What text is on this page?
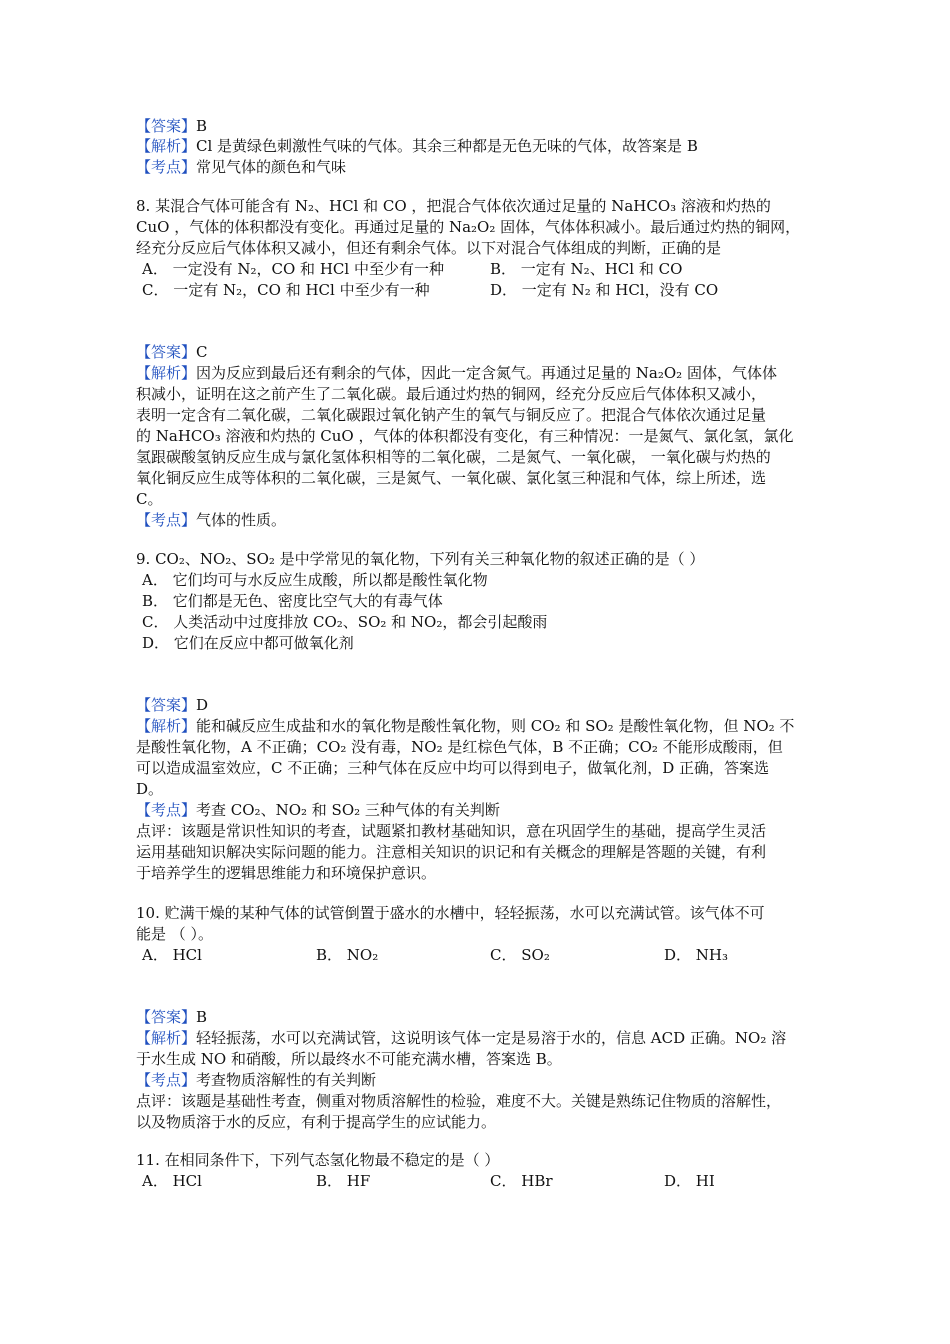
【答案】B
【解析】Cl 是黄绿色刺激性气味的气体。其余三种都是无色无味的气体，故答案是 B
【考点】常见气体的颜色和气味
8. 某混合气体可能含有 N₂、HCl 和 CO ，把混合气体依次通过足量的 NaHCO₃ 溶液和灼热的
CuO ，气体的体积都没有变化。再通过足量的 Na₂O₂ 固体，气体体积减小。最后通过灼热的铜网，
经充分反应后气体体积又减小，但还有剩余气体。以下对混合气体组成的判断，正确的是
A． 一定没有 N₂，CO 和 HCl 中至少有一种	B． 一定有 N₂、HCl 和 CO
C． 一定有 N₂，CO 和 HCl 中至少有一种	D． 一定有 N₂ 和 HCl，没有 CO
【答案】C
【解析】因为反应到最后还有剩余的气体，因此一定含氮气。再通过足量的 Na₂O₂ 固体，气体体
积减小，证明在这之前产生了二氧化碳。最后通过灼热的铜网，经充分反应后气体体积又减小，
表明一定含有二氧化碳，二氧化碳跟过氧化钠产生的氧气与铜反应了。把混合气体依次通过足量
的 NaHCO₃ 溶液和灼热的 CuO ，气体的体积都没有变化，有三种情况：一是氮气、氯化氢，氯化
氢跟碳酸氢钠反应生成与氯化氢体积相等的二氧化碳，二是氮气、一氧化碳， 一氧化碳与灼热的
氧化铜反应生成等体积的二氧化碳，三是氮气、一氧化碳、氯化氢三种混和气体，综上所述，选
C。
【考点】气体的性质。
9. CO₂、NO₂、SO₂ 是中学常见的氧化物，下列有关三种氧化物的叙述正确的是（ ）
A． 它们均可与水反应生成酸，所以都是酸性氧化物
B． 它们都是无色、密度比空气大的有毒气体
C． 人类活动中过度排放 CO₂、SO₂ 和 NO₂，都会引起酸雨
D． 它们在反应中都可做氧化剂
【答案】D
【解析】能和碱反应生成盐和水的氧化物是酸性氧化物，则 CO₂ 和 SO₂ 是酸性氧化物，但 NO₂ 不
是酸性氧化物，A 不正确；CO₂ 没有毒，NO₂ 是红棕色气体，B 不正确；CO₂ 不能形成酸雨，但
可以造成温室效应，C 不正确；三种气体在反应中均可以得到电子，做氧化剂，D 正确，答案选
D。
【考点】考查 CO₂、NO₂ 和 SO₂ 三种气体的有关判断
点评：该题是常识性知识的考查，试题紧扣教材基础知识，意在巩固学生的基础，提高学生灵活
运用基础知识解决实际问题的能力。注意相关知识的识记和有关概念的理解是答题的关键，有利
于培养学生的逻辑思维能力和环境保护意识。
10. 贮满干燥的某种气体的试管倒置于盛水的水槽中，轻轻振荡，水可以充满试管。该气体不可
能是 （ ）。
A． HCl	B． NO₂	C． SO₂	D． NH₃
【答案】B
【解析】轻轻振荡，水可以充满试管，这说明该气体一定是易溶于水的，信息 ACD 正确。NO₂ 溶
于水生成 NO 和硝酸，所以最终水不可能充满水槽，答案选 B。
【考点】考查物质溶解性的有关判断
点评：该题是基础性考查，侧重对物质溶解性的检验，难度不大。关键是熟练记住物质的溶解性，
以及物质溶于水的反应，有利于提高学生的应试能力。
11. 在相同条件下，下列气态氢化物最不稳定的是（ ）
A． HCl	B． HF	C． HBr	D． HI
